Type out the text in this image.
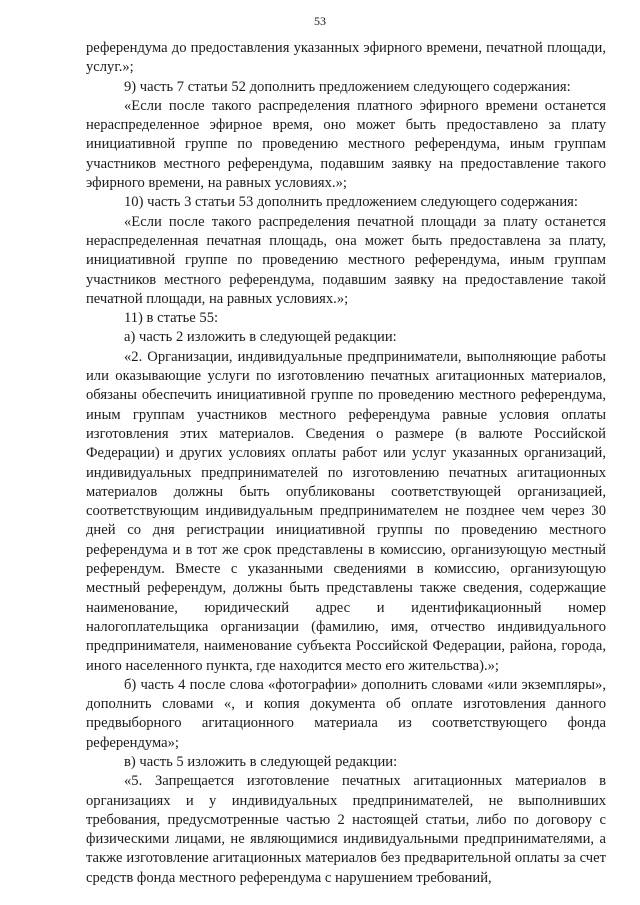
53

референдума до предоставления указанных эфирного времени, печатной площади, услуг.»;

9) часть 7 статьи 52 дополнить предложением следующего содержания:

«Если после такого распределения платного эфирного времени останется нераспределенное эфирное время, оно может быть предоставлено за плату инициативной группе по проведению местного референдума, иным группам участников местного референдума, подавшим заявку на предоставление такого эфирного времени, на равных условиях.»;

10) часть 3 статьи 53 дополнить предложением следующего содержания:

«Если после такого распределения печатной площади за плату останется нераспределенная печатная площадь, она может быть предоставлена за плату, инициативной группе по проведению местного референдума, иным группам участников местного референдума, подавшим заявку на предоставление такой печатной площади, на равных условиях.»;

11) в статье 55:

а) часть 2 изложить в следующей редакции:

«2. Организации, индивидуальные предприниматели, выполняющие работы или оказывающие услуги по изготовлению печатных агитационных материалов, обязаны обеспечить инициативной группе по проведению местного референдума, иным группам участников местного референдума равные условия оплаты изготовления этих материалов. Сведения о размере (в валюте Российской Федерации) и других условиях оплаты работ или услуг указанных организаций, индивидуальных предпринимателей по изготовлению печатных агитационных материалов должны быть опубликованы соответствующей организацией, соответствующим индивидуальным предпринимателем не позднее чем через 30 дней со дня регистрации инициативной группы по проведению местного референдума и в тот же срок представлены в комиссию, организующую местный референдум. Вместе с указанными сведениями в комиссию, организующую местный референдум, должны быть представлены также сведения, содержащие наименование, юридический адрес и идентификационный номер налогоплательщика организации (фамилию, имя, отчество индивидуального предпринимателя, наименование субъекта Российской Федерации, района, города, иного населенного пункта, где находится место его жительства).»;

б) часть 4 после слова «фотографии» дополнить словами «или экземпляры», дополнить словами «, и копия документа об оплате изготовления данного предвыборного агитационного материала из соответствующего фонда референдума»;

в) часть 5 изложить в следующей редакции:

«5. Запрещается изготовление печатных агитационных материалов в организациях и у индивидуальных предпринимателей, не выполнивших требования, предусмотренные частью 2 настоящей статьи, либо по договору с физическими лицами, не являющимися индивидуальными предпринимателями, а также изготовление агитационных материалов без предварительной оплаты за счет средств фонда местного референдума с нарушением требований,
